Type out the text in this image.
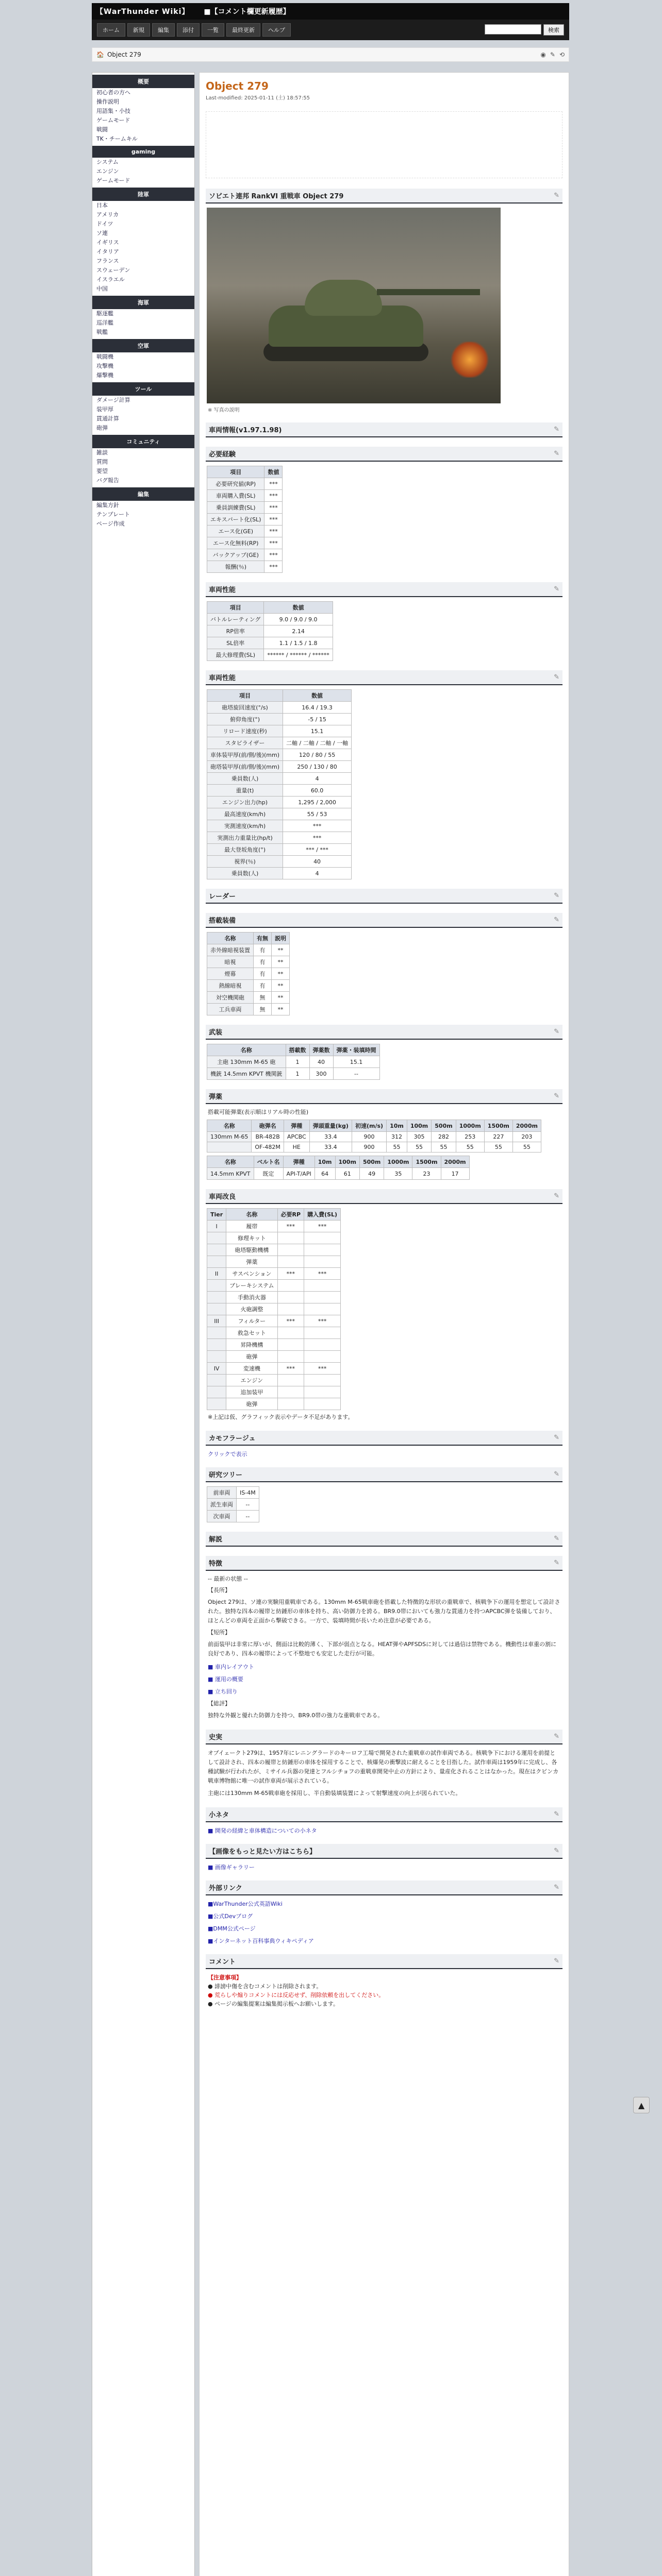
【WarThunder Wiki】 ■【コメント欄更新履歴】
ホーム	新規	編集	添付	一覧	最終更新	ヘルプ	検索
🏠 Object 279	◉ ✎ ⟲
概要
初心者の方へ
操作説明
用語集・小技
ゲームモード
戦闘
TK・チームキル
gaming
システム
エンジン
ゲームモード
陸軍
日本
アメリカ
ドイツ
ソ連
イギリス
イタリア
フランス
スウェーデン
イスラエル
中国
海軍
駆逐艦
巡洋艦
戦艦
空軍
戦闘機
攻撃機
爆撃機
ツール
ダメージ計算
装甲厚
貫通計算
砲弾
コミュニティ
雑談
質問
要望
バグ報告
編集
編集方針
テンプレート
ページ作成
Object 279
Last-modified: 2025-01-11 (土) 18:57:55
ソビエト連邦 RankVI 重戦車 Object 279	✎
※ 写真の説明
車両情報(v1.97.1.98)	✎
必要経験	✎
項目	数値
必要研究値(RP)	***
車両購入費(SL)	***
乗員訓練費(SL)	***
エキスパート化(SL)	***
エース化(GE)	***
エース化無料(RP)	***
バックアップ(GE)	***
報酬(％)	***
車両性能	✎
項目	数値
バトルレーティング	9.0 / 9.0 / 9.0
RP倍率	2.14
SL倍率	1.1 / 1.5 / 1.8
最大修理費(SL)	****** / ****** / ******
車両性能	✎
項目	数値
砲塔旋回速度(°/s)	16.4 / 19.3
俯仰角度(°)	-5 / 15
リロード速度(秒)	15.1
スタビライザー	二軸 / 二軸 / 二軸 / 一軸
車体装甲厚(前/側/後)(mm)	120 / 80 / 55
砲塔装甲厚(前/側/後)(mm)	250 / 130 / 80
乗員数(人)	4
重量(t)	60.0
エンジン出力(hp)	1,295 / 2,000
最高速度(km/h)	55 / 53
実測速度(km/h)	***
実測出力重量比(hp/t)	***
最大登坂角度(°)	*** / ***
視界(％)	40
乗員数(人)	4
レーダー	✎
搭載装備	✎
名称	有無	説明
赤外線暗視装置	有	**
暗視	有	**
煙幕	有	**
熱線暗視	有	**
対空機関砲	無	**
工兵車両	無	**
武装	✎
名称	搭載数	弾薬数	弾薬・装填時間
主砲 130mm M-65 砲	1	40	15.1
機銃 14.5mm KPVT 機関銃	1	300	--
弾薬	✎
搭載可能弾薬(表示順はリアル時の性能)
名称	砲弾名	弾種	弾頭重量(kg)	初速(m/s)	10m	100m	500m	1000m	1500m	2000m
130mm M-65	BR-482B	APCBC	33.4	900	312	305	282	253	227	203
	OF-482M	HE	33.4	900	55	55	55	55	55	55
名称	ベルト名	弾種	10m	100m	500m	1000m	1500m	2000m
14.5mm KPVT	既定	API-T/API	64	61	49	35	23	17
車両改良	✎
Tier	名称	必要RP	購入費(SL)
I	履帯	***	***
	修理キット		
	砲塔駆動機構		
	弾薬		
II	サスペンション	***	***
	ブレーキシステム		
	手動消火器		
	火砲調整		
III	フィルター	***	***
	救急セット		
	昇降機構		
	砲弾		
IV	変速機	***	***
	エンジン		
	追加装甲		
	砲弾		
※上記は仮、グラフィック表示やデータ不足があります。
カモフラージュ	✎
クリックで表示
研究ツリー	✎
前車両	IS-4M
派生車両	--
次車両	--
解説	✎
特徴	✎
-- 最新の状態 --
【長所】
Object 279は、ソ連の実験用重戦車である。130mm M-65戦車砲を搭載した特徴的な形状の重戦車で、核戦争下の運用を想定して設計された。独特な四本の履帯と紡錘形の車体を持ち、高い防御力を誇る。BR9.0帯においても強力な貫通力を持つAPCBC弾を装備しており、ほとんどの車両を正面から撃破できる。一方で、装填時間が長いため注意が必要である。
【短所】
前面装甲は非常に厚いが、側面は比較的薄く、下部が弱点となる。HEAT弾やAPFSDSに対しては過信は禁物である。機動性は車重の割に良好であり、四本の履帯によって不整地でも安定した走行が可能。
■ 車内レイアウト
■ 運用の概要
■ 立ち回り
【総評】
独特な外観と優れた防御力を持つ、BR9.0帯の強力な重戦車である。
史実	✎
オブイェークト279は、1957年にレニングラードのキーロフ工場で開発された重戦車の試作車両である。核戦争下における運用を前提として設計され、四本の履帯と紡錘形の車体を採用することで、核爆発の衝撃波に耐えることを目指した。試作車両は1959年に完成し、各種試験が行われたが、ミサイル兵器の発達とフルシチョフの重戦車開発中止の方針により、量産化されることはなかった。現在はクビンカ戦車博物館に唯一の試作車両が展示されている。
主砲には130mm M-65戦車砲を採用し、半自動装填装置によって射撃速度の向上が図られていた。
小ネタ	✎
■ 開発の経緯と車体構造についての小ネタ
【画像をもっと見たい方はこちら】	✎
■ 画像ギャラリー
外部リンク	✎
■WarThunder公式英語Wiki
■公式Devブログ
■DMM公式ページ
■インターネット百科事典ウィキペディア
コメント	✎
【注意事項】
● 誹謗中傷を含むコメントは削除されます。
● 荒らしや煽りコメントには反応せず、削除依頼を出してください。
● ページの編集提案は編集掲示板へお願いします。
▲
